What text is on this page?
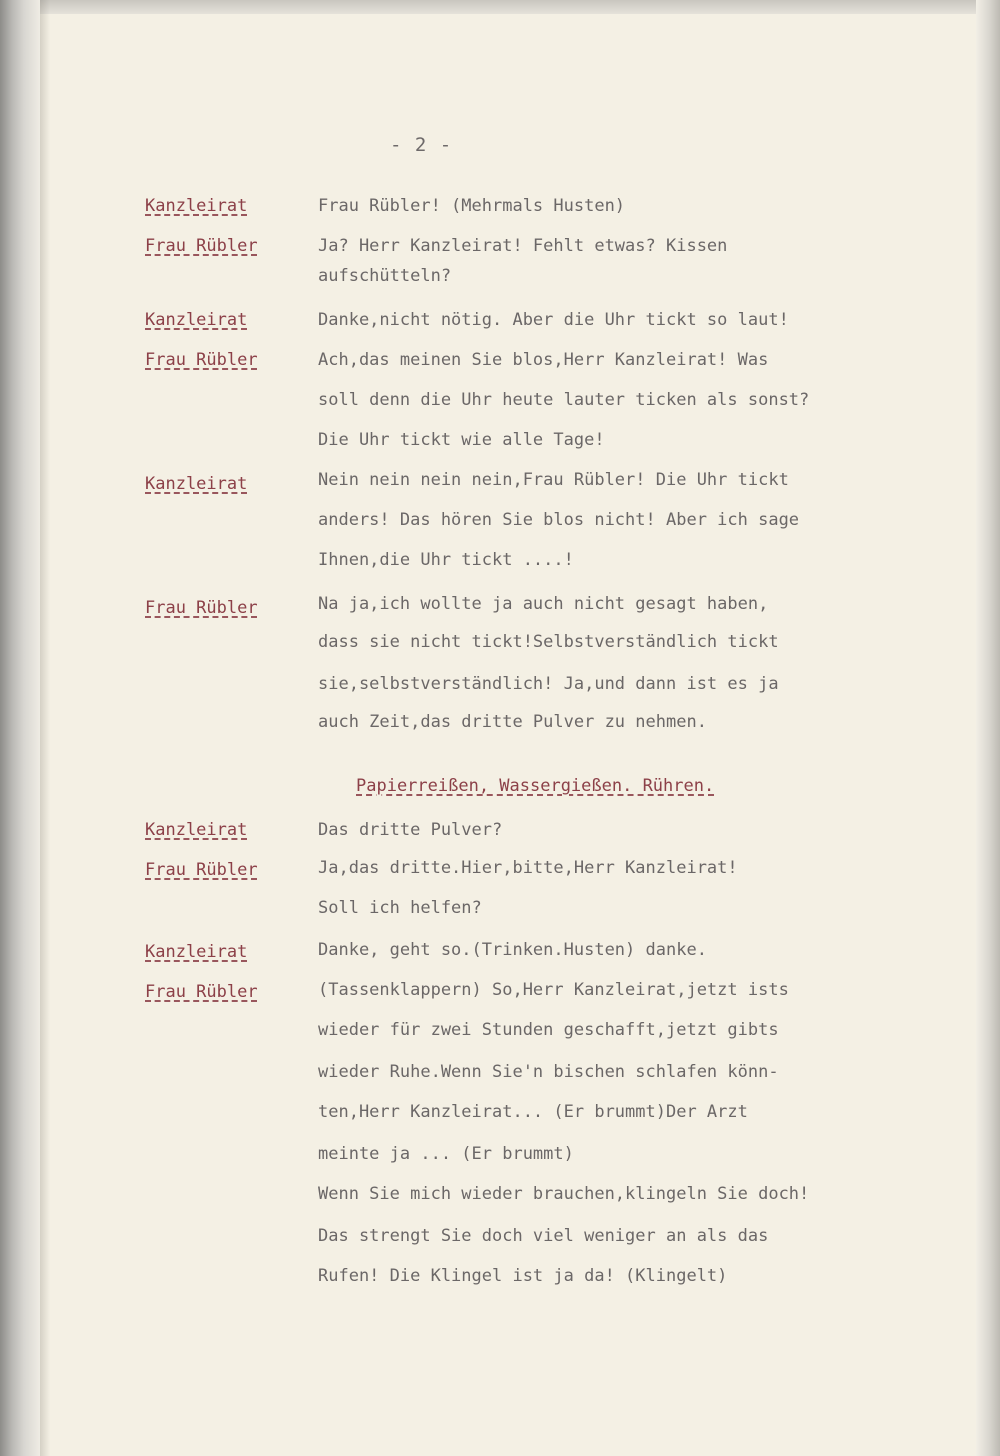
- 2 -
Kanzleirat	Frau Rübler! (Mehrmals Husten)
Frau Rübler	Ja? Herr Kanzleirat! Fehlt etwas? Kissen
aufschütteln?
Kanzleirat	Danke,nicht nötig. Aber die Uhr tickt so laut!
Frau Rübler	Ach,das meinen Sie blos,Herr Kanzleirat! Was
soll denn die Uhr heute lauter ticken als sonst?
Die Uhr tickt wie alle Tage!
Kanzleirat	Nein nein nein nein,Frau Rübler! Die Uhr tickt
anders! Das hören Sie blos nicht! Aber ich sage
Ihnen,die Uhr tickt ....!
Frau Rübler	Na ja,ich wollte ja auch nicht gesagt haben,
dass sie nicht tickt!Selbstverständlich tickt
sie,selbstverständlich! Ja,und dann ist es ja
auch Zeit,das dritte Pulver zu nehmen.
Papierreißen, Wassergießen. Rühren.
Kanzleirat	Das dritte Pulver?
Frau Rübler	Ja,das dritte.Hier,bitte,Herr Kanzleirat!
Soll ich helfen?
Kanzleirat	Danke, geht so.(Trinken.Husten) danke.
Frau Rübler	(Tassenklappern) So,Herr Kanzleirat,jetzt ists
wieder für zwei Stunden geschafft,jetzt gibts
wieder Ruhe.Wenn Sie'n bischen schlafen könn-
ten,Herr Kanzleirat... (Er brummt)Der Arzt
meinte ja ... (Er brummt)
Wenn Sie mich wieder brauchen,klingeln Sie doch!
Das strengt Sie doch viel weniger an als das
Rufen! Die Klingel ist ja da! (Klingelt)
